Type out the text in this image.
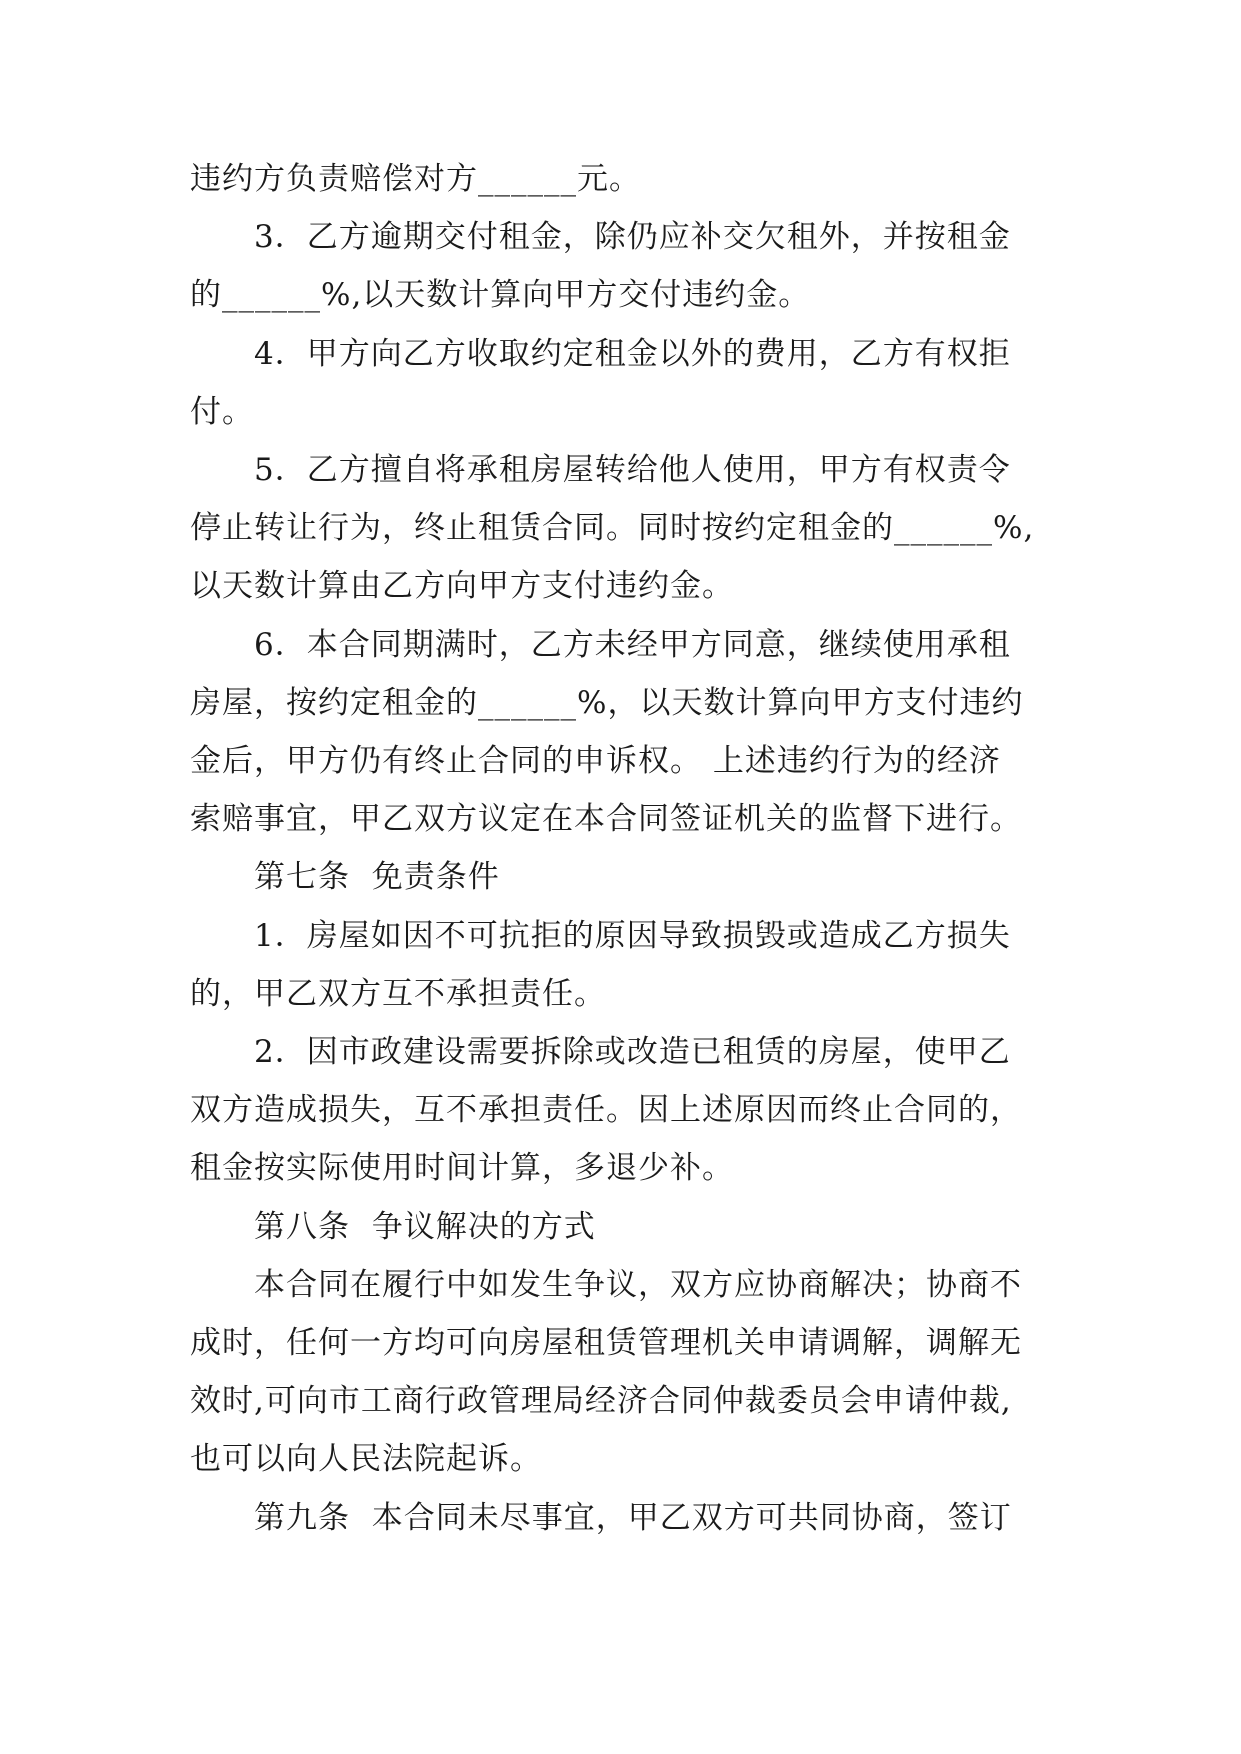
违约方负责赔偿对方______元。

3．乙方逾期交付租金，除仍应补交欠租外，并按租金

的______%,以天数计算向甲方交付违约金。

4．甲方向乙方收取约定租金以外的费用，乙方有权拒

付。

5．乙方擅自将承租房屋转给他人使用，甲方有权责令

停止转让行为，终止租赁合同。同时按约定租金的______%,

以天数计算由乙方向甲方支付违约金。

6．本合同期满时，乙方未经甲方同意，继续使用承租

房屋，按约定租金的______%，以天数计算向甲方支付违约

金后，甲方仍有终止合同的申诉权。 上述违约行为的经济

索赔事宜，甲乙双方议定在本合同签证机关的监督下进行。

第七条  免责条件

1．房屋如因不可抗拒的原因导致损毁或造成乙方损失

的，甲乙双方互不承担责任。

2．因市政建设需要拆除或改造已租赁的房屋，使甲乙

双方造成损失，互不承担责任。因上述原因而终止合同的，

租金按实际使用时间计算，多退少补。

第八条  争议解决的方式

本合同在履行中如发生争议，双方应协商解决；协商不

成时，任何一方均可向房屋租赁管理机关申请调解，调解无

效时,可向市工商行政管理局经济合同仲裁委员会申请仲裁,

也可以向人民法院起诉。

第九条  本合同未尽事宜，甲乙双方可共同协商，签订
